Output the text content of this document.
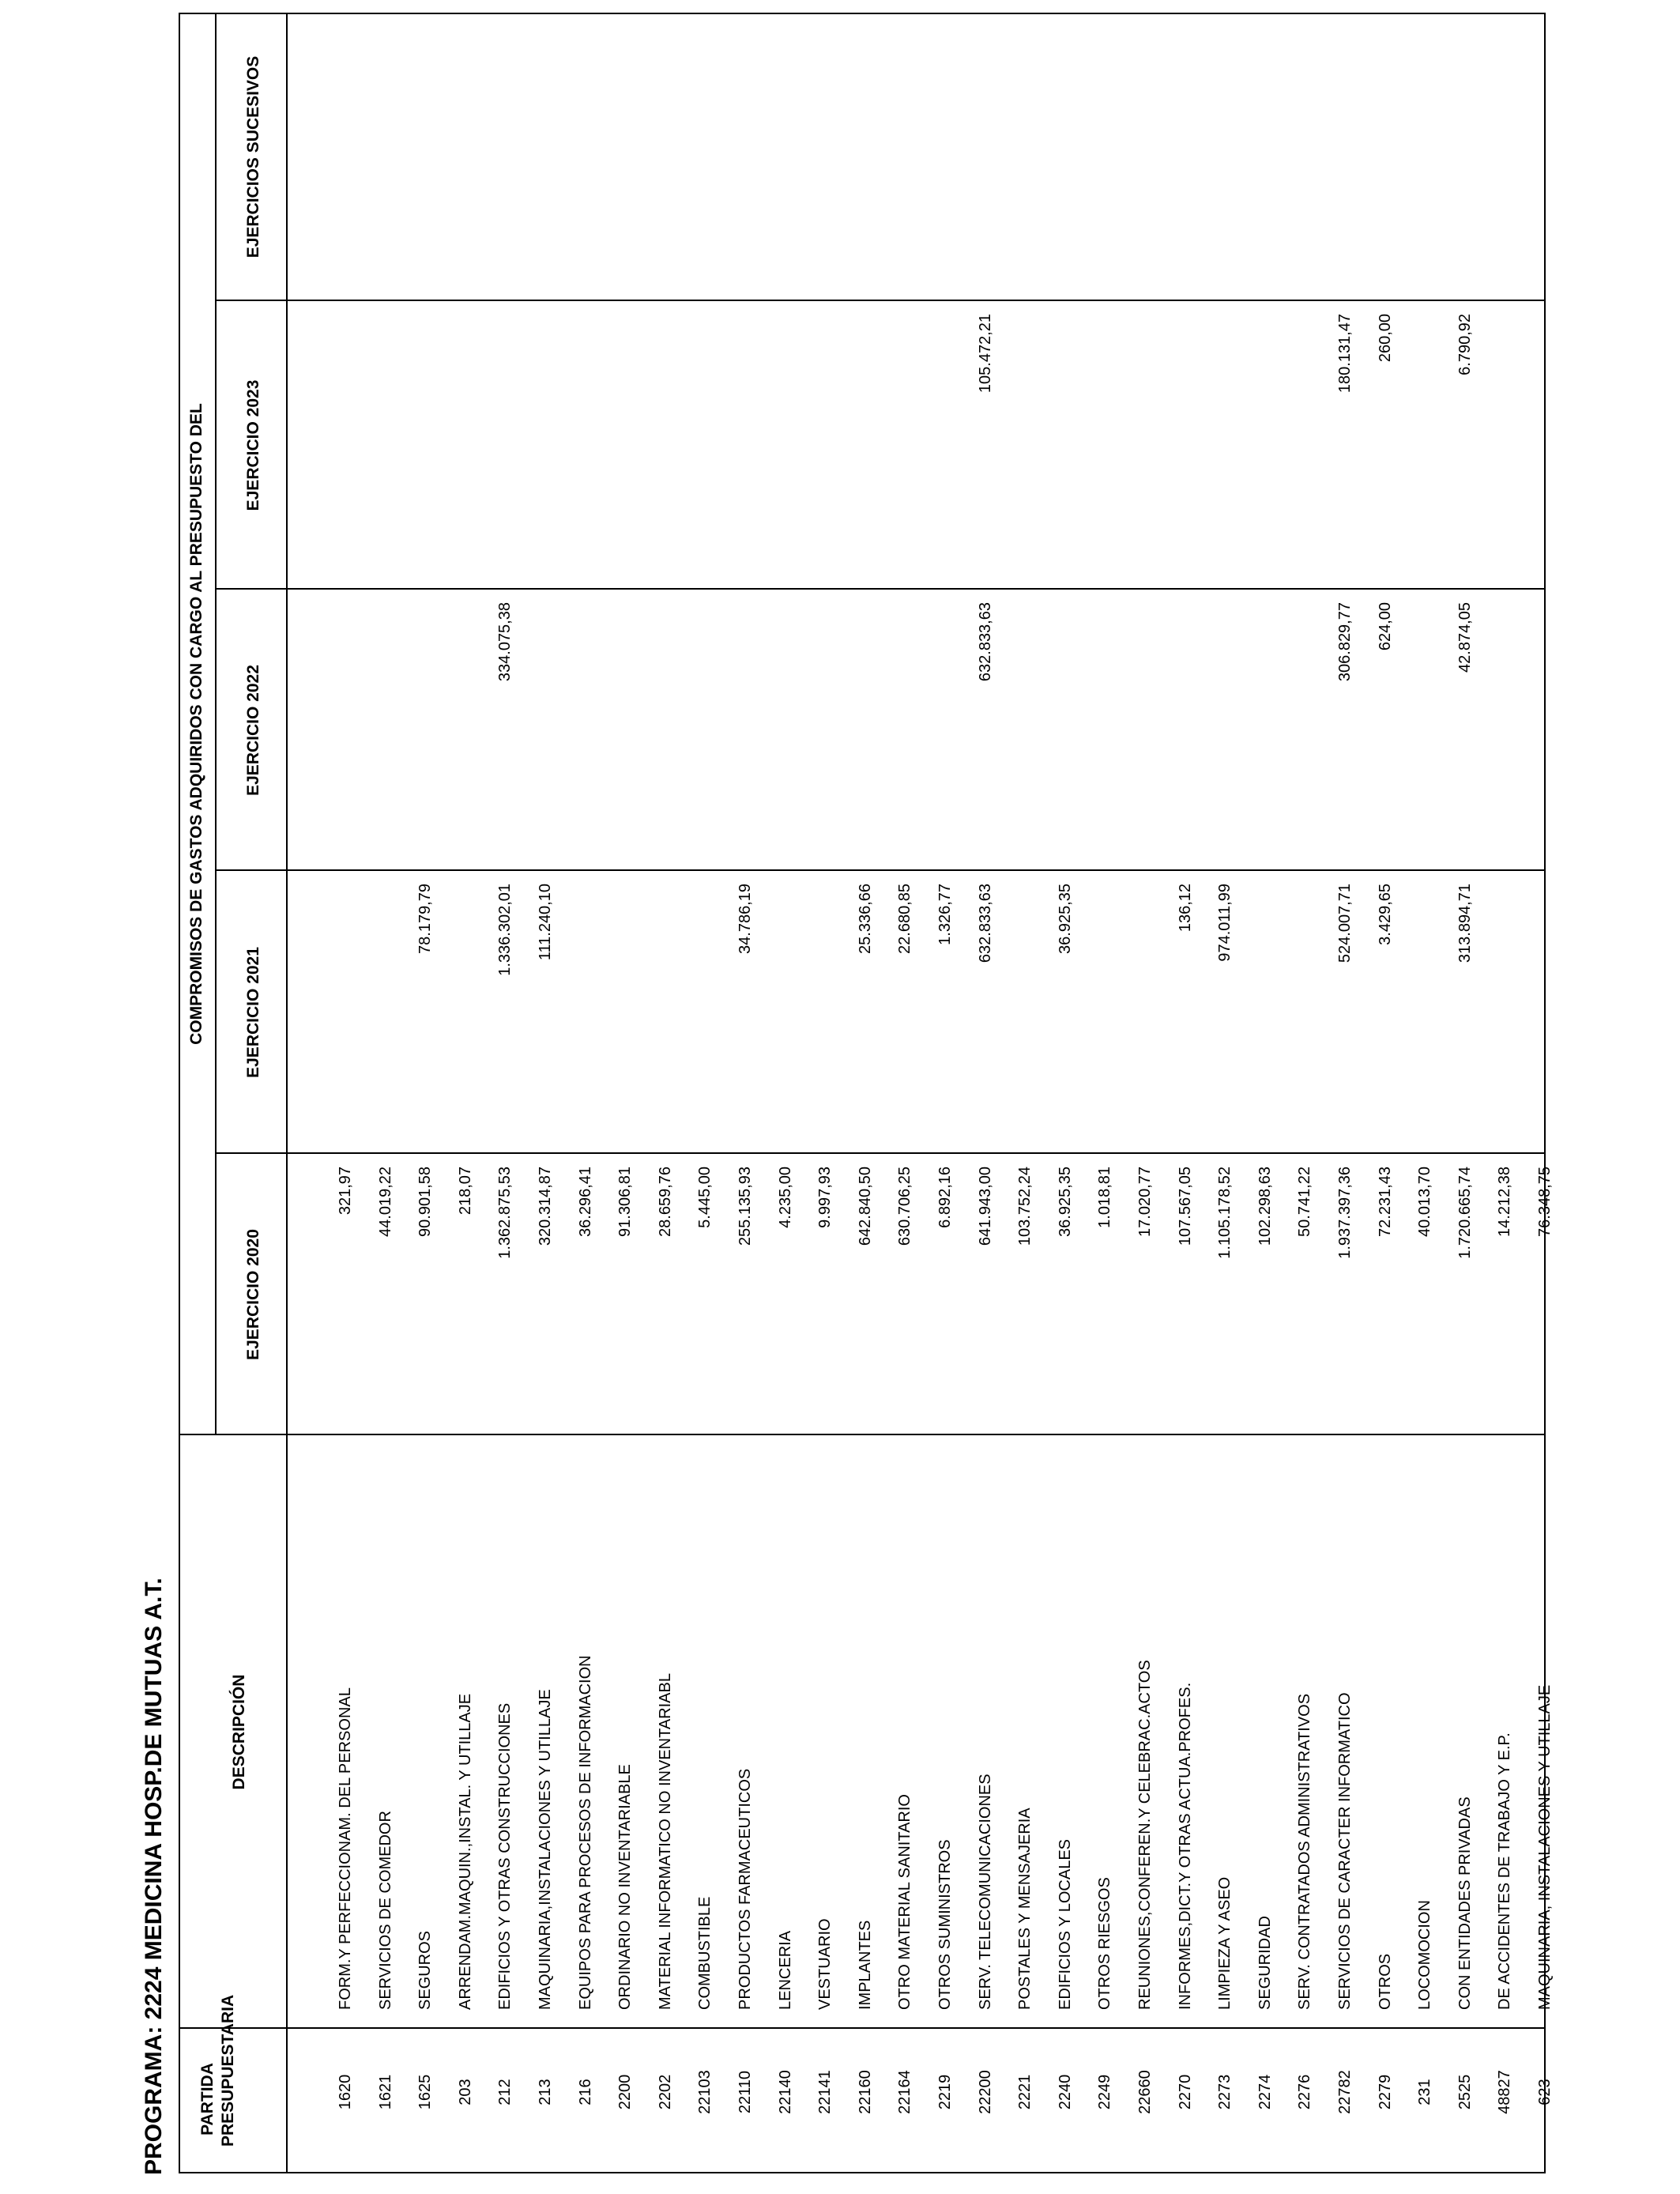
PROGRAMA: 2224 MEDICINA HOSP.DE MUTUAS A.T. PARTIDA PRESUPUESTARIA
DESCRIPCIÓN
COMPROMISOS DE GASTOS ADQUIRIDOS CON CARGO AL PRESUPUESTO DEL
EJERCICIO 2020
EJERCICIO 2021
EJERCICIO 2022
EJERCICIO 2023
EJERCICIOS SUCESIVOS
1620
FORM.Y PERFECCIONAM. DEL PERSONAL
321,97
1621
SERVICIOS DE COMEDOR
44.019,22
1625
SEGUROS
90.901,58
78.179,79
203
ARRENDAM.MAQUIN.,INSTAL. Y UTILLAJE
218,07
212
EDIFICIOS Y OTRAS CONSTRUCCIONES
1.362.875,53
1.336.302,01
334.075,38
213
MAQUINARIA,INSTALACIONES Y UTILLAJE
320.314,87
111.240,10
216
EQUIPOS PARA PROCESOS DE INFORMACION
36.296,41
2200
ORDINARIO NO INVENTARIABLE
91.306,81
2202
MATERIAL INFORMATICO NO INVENTARIABL
28.659,76
22103
COMBUSTIBLE
5.445,00
22110
PRODUCTOS FARMACEUTICOS
255.135,93
34.786,19
22140
LENCERIA
4.235,00
22141
VESTUARIO
9.997,93
22160
IMPLANTES
642.840,50
25.336,66
22164
OTRO MATERIAL SANITARIO
630.706,25
22.680,85
2219
OTROS SUMINISTROS
6.892,16
1.326,77
22200
SERV. TELECOMUNICACIONES
641.943,00
632.833,63
632.833,63
105.472,21
2221
POSTALES Y MENSAJERIA
103.752,24
2240
EDIFICIOS Y LOCALES
36.925,35
36.925,35
2249
OTROS RIESGOS
1.018,81
22660
REUNIONES,CONFEREN.Y CELEBRAC.ACTOS
17.020,77
2270
INFORMES,DICT.Y OTRAS ACTUA.PROFES.
107.567,05
136,12
2273
LIMPIEZA Y ASEO
1.105.178,52
974.011,99
2274
SEGURIDAD
102.298,63
2276
SERV. CONTRATADOS ADMINISTRATIVOS
50.741,22
22782
SERVICIOS DE CARACTER INFORMATICO
1.937.397,36
524.007,71
306.829,77
180.131,47
2279
OTROS
72.231,43
3.429,65
624,00
260,00
231
LOCOMOCION
40.013,70
2525
CON ENTIDADES PRIVADAS
1.720.665,74
313.894,71
42.874,05
6.790,92
48827
DE ACCIDENTES DE TRABAJO Y E.P.
14.212,38
623
MAQUINARIA, INSTALACIONES Y UTILLAJE
76.348,75
